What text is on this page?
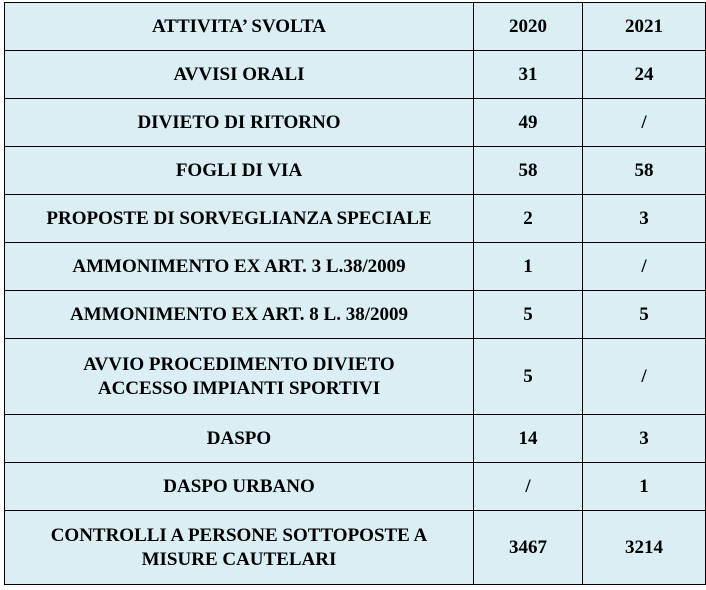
ATTIVITA’ SVOLTA	2020	2021
AVVISI ORALI	31	24
DIVIETO DI RITORNO	49	/
FOGLI DI VIA	58	58
PROPOSTE DI SORVEGLIANZA SPECIALE	2	3
AMMONIMENTO EX ART. 3 L.38/2009	1	/
AMMONIMENTO EX ART. 8 L. 38/2009	5	5
AVVIO PROCEDIMENTO DIVIETO
ACCESSO IMPIANTI SPORTIVI	5	/
DASPO	14	3
DASPO URBANO	/	1
CONTROLLI A PERSONE SOTTOPOSTE A
MISURE CAUTELARI	3467	3214
